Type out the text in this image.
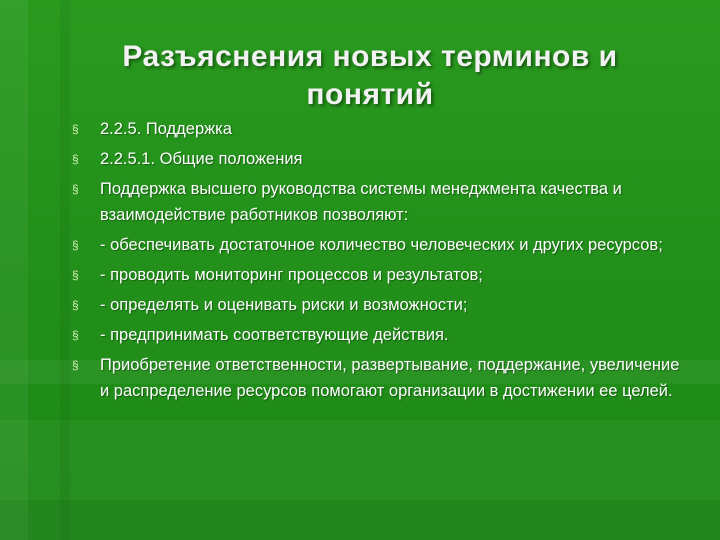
Разъяснения новых терминов и понятий
§ 2.2.5. Поддержка
§ 2.2.5.1. Общие положения
§ Поддержка высшего руководства системы менеджмента качества и взаимодействие работников позволяют:
§ - обеспечивать достаточное количество человеческих и других ресурсов;
§ - проводить мониторинг процессов и результатов;
§ - определять и оценивать риски и возможности;
§ - предпринимать соответствующие действия.
§ Приобретение ответственности, развертывание, поддержание, увеличение и распределение ресурсов помогают организации в достижении ее целей.
